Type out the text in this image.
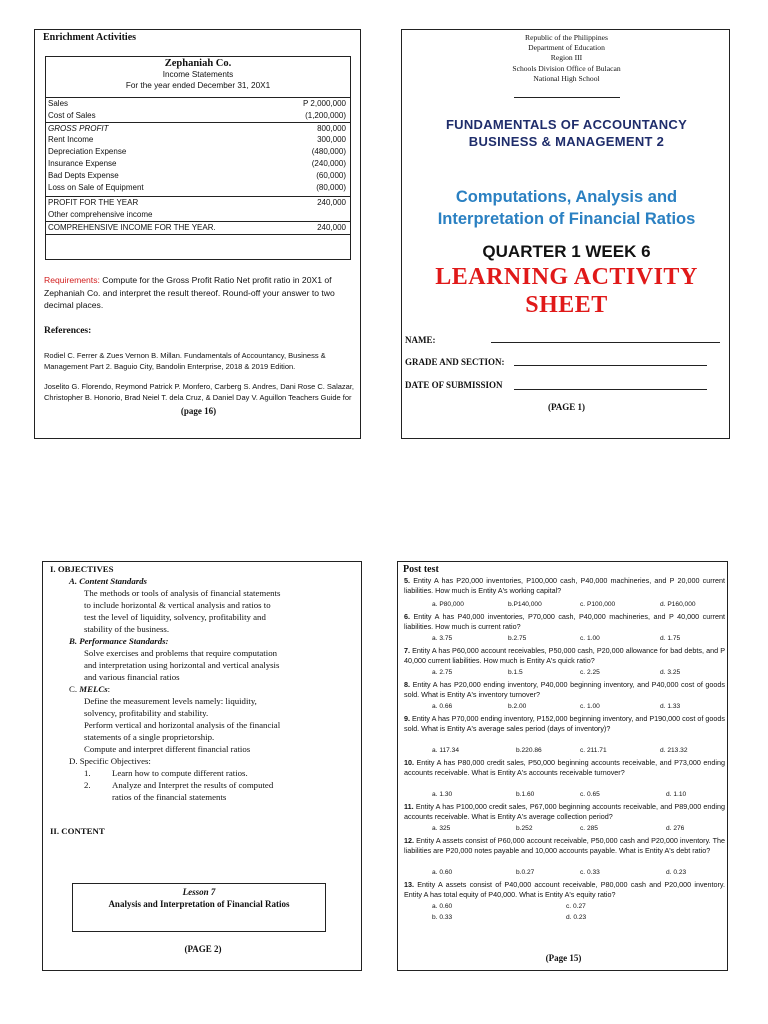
Enrichment Activities
Zephaniah Co.
Income Statements
For the year ended December 31, 20X1
Sales	P 2,000,000
Cost of Sales	(1,200,000)
GROSS PROFIT	800,000
Rent Income	300,000
Depreciation Expense	(480,000)
Insurance Expense	(240,000)
Bad Depts Expense	(60,000)
Loss on Sale of Equipment	(80,000)
PROFIT FOR THE YEAR	240,000
Other comprehensive income
COMPREHENSIVE INCOME FOR THE YEAR.	240,000
Requirements: Compute for the Gross Profit Ratio Net profit ratio in 20X1 of Zephaniah Co. and interpret the result thereof. Round-off your answer to two decimal places.
References:
Rodiel C. Ferrer & Zues Vernon B. Millan. Fundamentals of Accountancy, Business & Management Part 2. Baguio City, Bandolin Enterprise, 2018 & 2019 Edition.
Joselito G. Florendo, Reymond Patrick P. Monfero, Carberg S. Andres, Dani Rose C. Salazar, Christopher B. Honorio, Brad Neiel T. dela Cruz, & Daniel Day V. Aguillon Teachers Guide for
(page 16)
Republic of the Philippines
Department of Education
Region III
Schools Division Office of Bulacan
National High School
FUNDAMENTALS OF ACCOUNTANCY
BUSINESS & MANAGEMENT 2
Computations, Analysis and
Interpretation of Financial Ratios
QUARTER 1 WEEK 6
LEARNING ACTIVITY
SHEET
NAME:
GRADE AND SECTION:
DATE OF SUBMISSION
(PAGE 1)
I. OBJECTIVES
A. Content Standards
The methods or tools of analysis of financial statements
to include horizontal & vertical analysis and ratios to
test the level of liquidity, solvency, profitability and
stability of the business.
B. Performance Standards:
Solve exercises and problems that require computation
and interpretation using horizontal and vertical analysis
and various financial ratios
C. MELCs:
Define the measurement levels namely: liquidity,
solvency, profitability and stability.
Perform vertical and horizontal analysis of the financial
statements of a single proprietorship.
Compute and interpret different financial ratios
D. Specific Objectives:
1. Learn how to compute different ratios.
2. Analyze and Interpret the results of computed
ratios of the financial statements
II. CONTENT
Lesson 7
Analysis and Interpretation of Financial Ratios
(PAGE 2)
Post test
5. Entity A has P20,000 inventories, P100,000 cash, P40,000 machineries, and P 20,000 current liabilities. How much is Entity A's working capital?
a. P80,000	b.P140,000	c. P100,000	d. P160,000
6. Entity A has P40,000 inventories, P70,000 cash, P40,000 machineries, and P 40,000 current liabilities. How much is current ratio?
a. 3.75	b.2.75	c. 1.00	d. 1.75
7. Entity A has P60,000 account receivables, P50,000 cash, P20,000 allowance for bad debts, and P 40,000 current liabilities. How much is Entity A's quick ratio?
a. 2.75	b.1.5	c. 2.25	d. 3.25
8. Entity A has P20,000 ending inventory, P40,000 beginning inventory, and P40,000 cost of goods sold. What is Entity A's inventory turnover?
a. 0.66	b.2.00	c. 1.00	d. 1.33
9. Entity A has P70,000 ending inventory, P152,000 beginning inventory, and P190,000 cost of goods sold. What is Entity A's average sales period (days of inventory)?
a. 117.34	b.220.86	c. 211.71	d. 213.32
10. Entity A has P80,000 credit sales, P50,000 beginning accounts receivable, and P73,000 ending accounts receivable. What is Entity A's accounts receivable turnover?
a. 1.30	b.1.60	c. 0.65	d. 1.10
11. Entity A has P100,000 credit sales, P67,000 beginning accounts receivable, and P89,000 ending accounts receivable. What is Entity A's average collection period?
a. 325	b.252	c. 285	d. 276
12. Entity A assets consist of P60,000 account receivable, P50,000 cash and P20,000 inventory. The liabilities are P20,000 notes payable and 10,000 accounts payable. What is Entity A's debt ratio?
a. 0.60	b.0.27	c. 0.33	d. 0.23
13. Entity A assets consist of P40,000 account receivable, P80,000 cash and P20,000 inventory. Entity A has total equity of P40,000. What is Entity A's equity ratio?
a. 0.60	c. 0.27
b. 0.33	d. 0.23
(Page 15)
